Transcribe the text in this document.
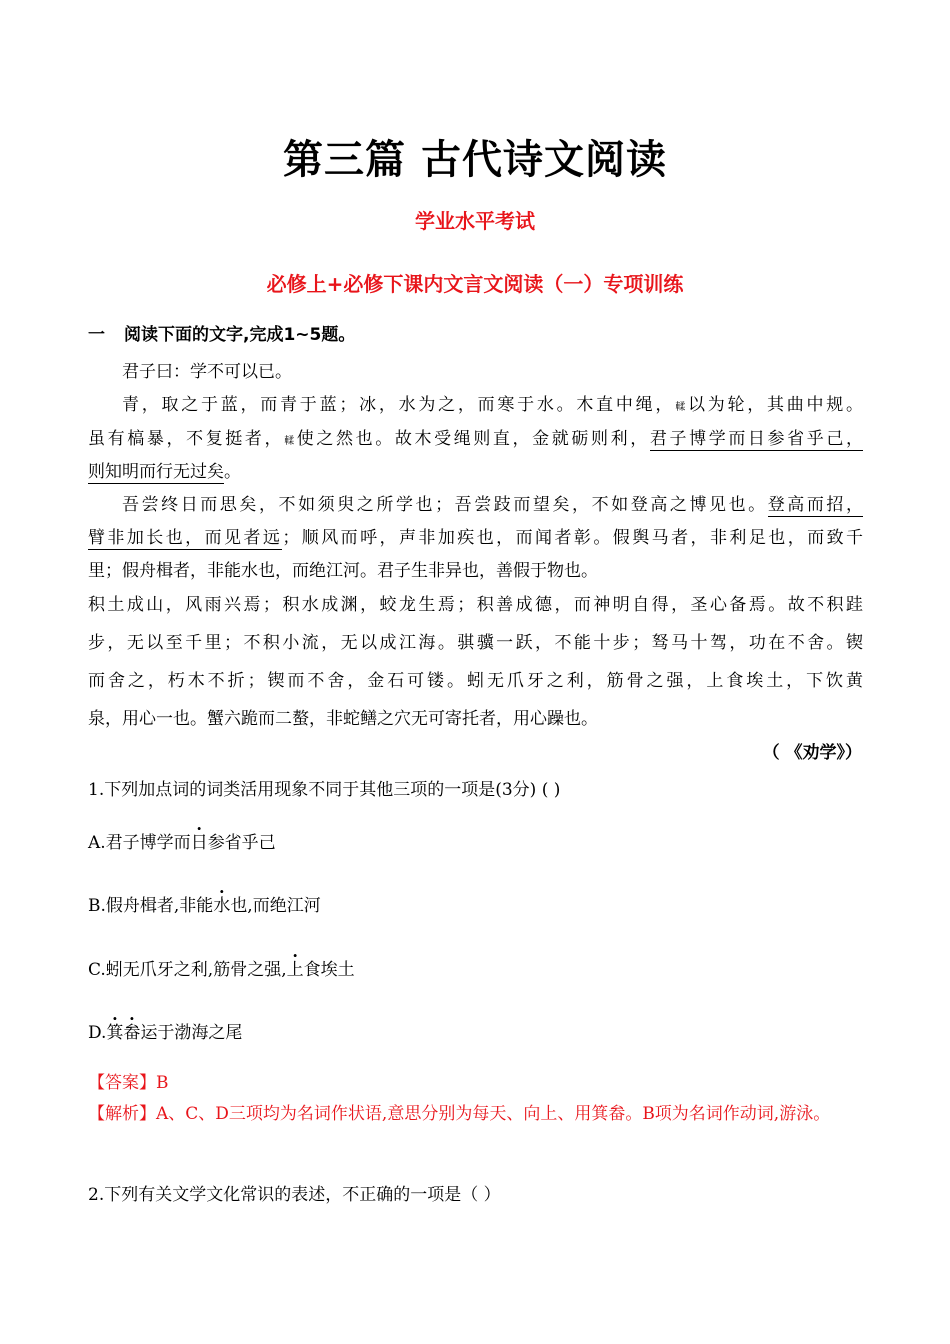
第三篇 古代诗文阅读
学业水平考试
必修上+必修下课内文言文阅读（一）专项训练
一 阅读下面的文字,完成1~5题。
君子曰：学不可以已。
青，取之于蓝，而青于蓝；冰，水为之，而寒于水。木直中绳，輮以为轮，其曲中规。
虽有槁暴，不复挺者，輮使之然也。故木受绳则直，金就砺则利，君子博学而日参省乎己，
则知明而行无过矣。
吾尝终日而思矣，不如须臾之所学也；吾尝跂而望矣，不如登高之博见也。登高而招，
臂非加长也，而见者远；顺风而呼，声非加疾也，而闻者彰。假舆马者，非利足也，而致千
里；假舟楫者，非能水也，而绝江河。君子生非异也，善假于物也。
积土成山，风雨兴焉；积水成渊，蛟龙生焉；积善成德，而神明自得，圣心备焉。故不积跬
步，无以至千里；不积小流，无以成江海。骐骥一跃，不能十步；驽马十驾，功在不舍。锲
而舍之，朽木不折；锲而不舍，金石可镂。蚓无爪牙之利，筋骨之强，上食埃土，下饮黄
泉，用心一也。蟹六跪而二螯，非蛇鳝之穴无可寄托者，用心躁也。
（ 《劝学》）
1.下列加点词的词类活用现象不同于其他三项的一项是(3分) ( )
A.君子博学而日参省乎己
B.假舟楫者,非能水也,而绝江河
C.蚓无爪牙之利,筋骨之强,上食埃土
D.箕畚运于渤海之尾
【答案】B
【解析】A、C、D三项均为名词作状语,意思分别为每天、向上、用箕畚。B项为名词作动词,游泳。
2.下列有关文学文化常识的表述，不正确的一项是（ ）
